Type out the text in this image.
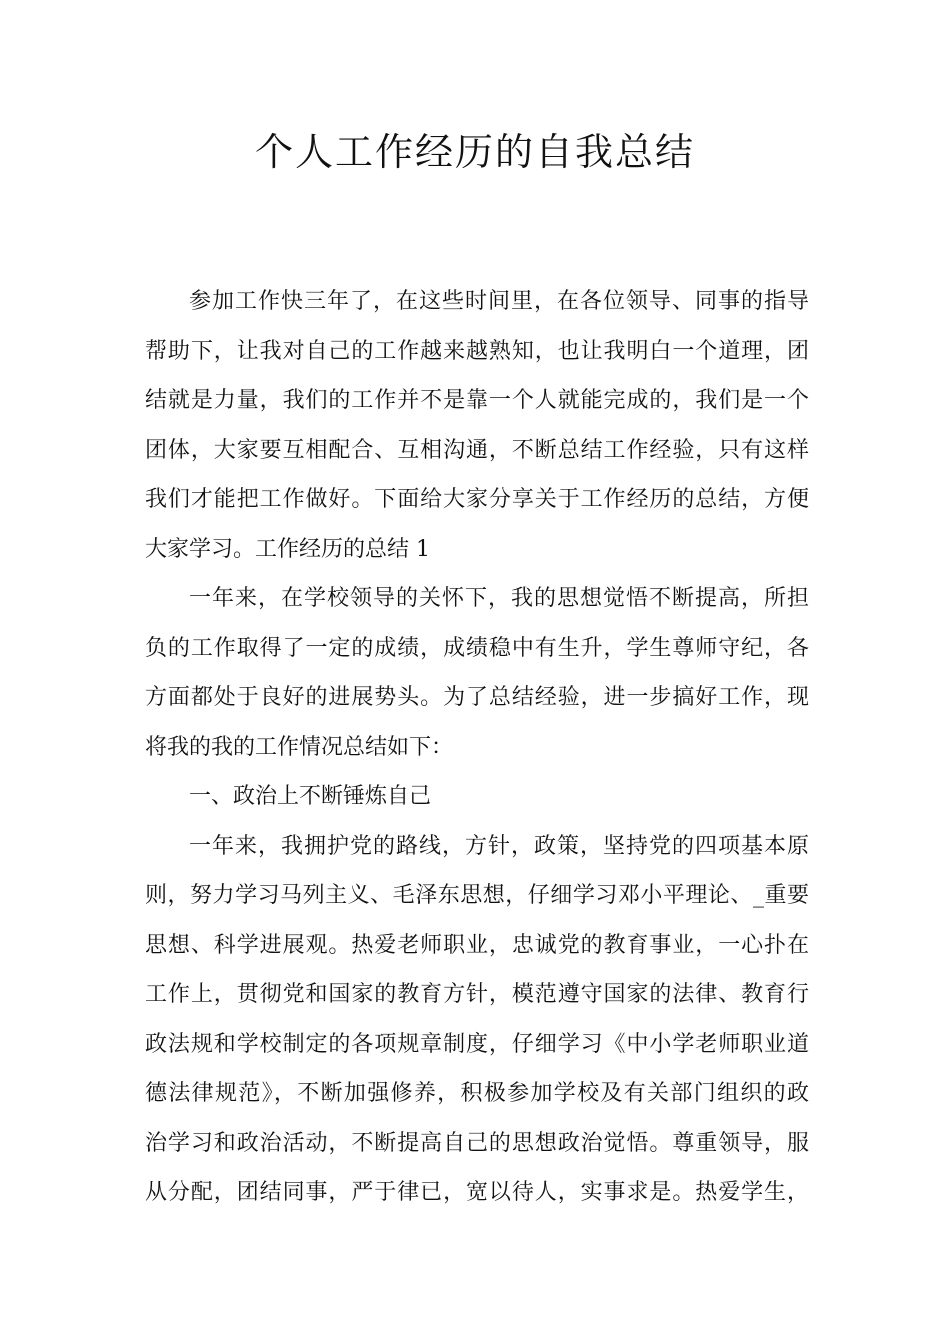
个人工作经历的自我总结
参加工作快三年了，在这些时间里，在各位领导、同事的指导
帮助下，让我对自己的工作越来越熟知，也让我明白一个道理，团
结就是力量，我们的工作并不是靠一个人就能完成的，我们是一个
团体，大家要互相配合、互相沟通，不断总结工作经验，只有这样
我们才能把工作做好。下面给大家分享关于工作经历的总结，方便
大家学习。工作经历的总结 1
一年来，在学校领导的关怀下，我的思想觉悟不断提高，所担
负的工作取得了一定的成绩，成绩稳中有生升，学生尊师守纪，各
方面都处于良好的进展势头。为了总结经验，进一步搞好工作，现
将我的我的工作情况总结如下：
一、政治上不断锤炼自己
一年来，我拥护党的路线，方针，政策，坚持党的四项基本原
则，努力学习马列主义、毛泽东思想，仔细学习邓小平理论、_重要
思想、科学进展观。热爱老师职业，忠诚党的教育事业，一心扑在
工作上，贯彻党和国家的教育方针，模范遵守国家的法律、教育行
政法规和学校制定的各项规章制度，仔细学习《中小学老师职业道
德法律规范》，不断加强修养，积极参加学校及有关部门组织的政
治学习和政治活动，不断提高自己的思想政治觉悟。尊重领导，服
从分配，团结同事，严于律已，宽以待人，实事求是。热爱学生，
